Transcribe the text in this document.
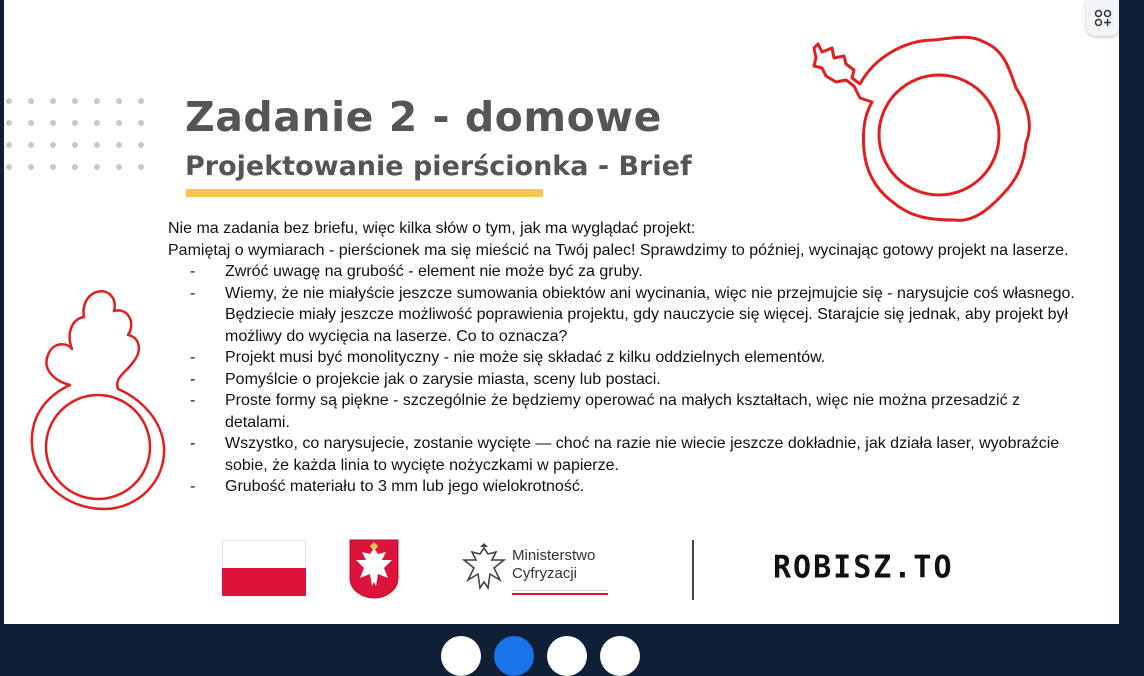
Zadanie 2 - domowe
Projektowanie pierścionka - Brief

Nie ma zadania bez briefu, więc kilka słów o tym, jak ma wyglądać projekt:

Pamiętaj o wymiarach - pierścionek ma się mieścić na Twój palec! Sprawdzimy to później, wycinając gotowy projekt na laserze.

- Zwróć uwagę na grubość - element nie może być za gruby.
- Wiemy, że nie miałyście jeszcze sumowania obiektów ani wycinania, więc nie przejmujcie się - narysujcie coś własnego. Będziecie miały jeszcze możliwość poprawienia projektu, gdy nauczycie się więcej. Starajcie się jednak, aby projekt był możliwy do wycięcia na laserze. Co to oznacza?
- Projekt musi być monolityczny - nie może się składać z kilku oddzielnych elementów.
- Pomyślcie o projekcie jak o zarysie miasta, sceny lub postaci.
- Proste formy są piękne - szczególnie że będziemy operować na małych kształtach, więc nie można przesadzić z detalami.
- Wszystko, co narysujecie, zostanie wycięte — choć na razie nie wiecie jeszcze dokładnie, jak działa laser, wyobraźcie sobie, że każda linia to wycięte nożyczkami w papierze.
- Grubość materiału to 3 mm lub jego wielokrotność.
Ministerstwo
Cyfryzacji	ROBISZ.TO
